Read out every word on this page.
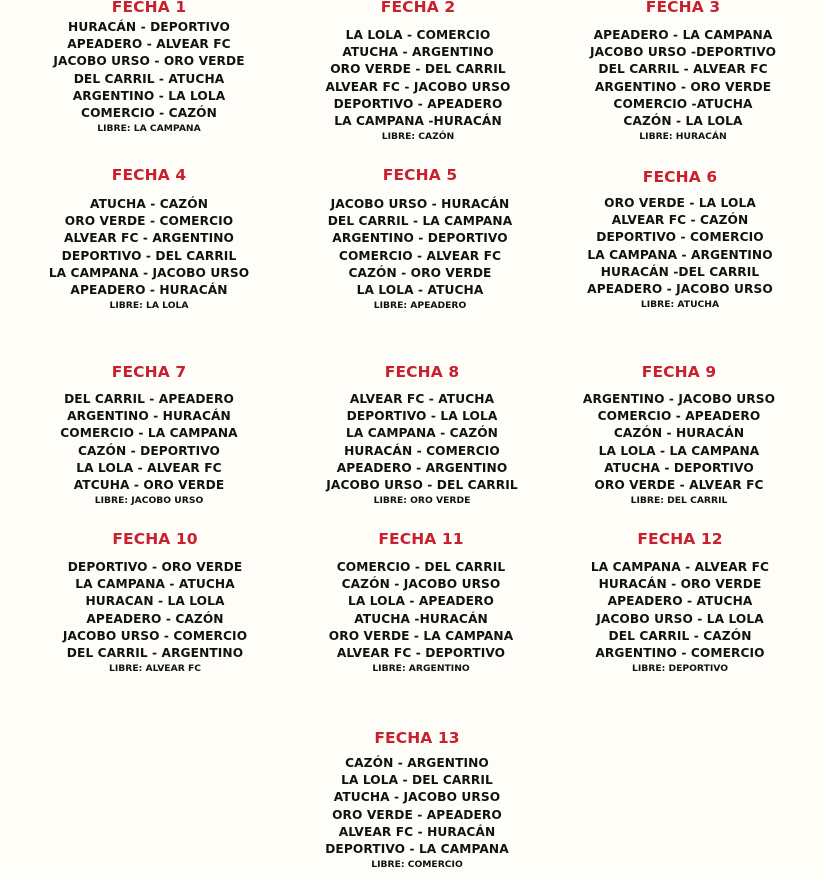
FECHA 1
HURACÁN - DEPORTIVO
APEADERO - ALVEAR FC
JACOBO URSO - ORO VERDE
DEL CARRIL - ATUCHA
ARGENTINO - LA LOLA
COMERCIO - CAZÓN
LIBRE: LA CAMPANA
FECHA 2
LA LOLA - COMERCIO
ATUCHA - ARGENTINO
ORO VERDE - DEL CARRIL
ALVEAR FC - JACOBO URSO
DEPORTIVO - APEADERO
LA CAMPANA -HURACÁN
LIBRE: CAZÓN
FECHA 3
APEADERO - LA CAMPANA
JACOBO URSO -DEPORTIVO
DEL CARRIL - ALVEAR FC
ARGENTINO - ORO VERDE
COMERCIO -ATUCHA
CAZÓN - LA LOLA
LIBRE: HURACÁN
FECHA 4
ATUCHA - CAZÓN
ORO VERDE - COMERCIO
ALVEAR FC - ARGENTINO
DEPORTIVO - DEL CARRIL
LA CAMPANA - JACOBO URSO
APEADERO - HURACÁN
LIBRE: LA LOLA
FECHA 5
JACOBO URSO - HURACÁN
DEL CARRIL - LA CAMPANA
ARGENTINO - DEPORTIVO
COMERCIO - ALVEAR FC
CAZÓN - ORO VERDE
LA LOLA - ATUCHA
LIBRE: APEADERO
FECHA 6
ORO VERDE - LA LOLA
ALVEAR FC - CAZÓN
DEPORTIVO - COMERCIO
LA CAMPANA - ARGENTINO
HURACÁN -DEL CARRIL
APEADERO - JACOBO URSO
LIBRE: ATUCHA
FECHA 7
DEL CARRIL - APEADERO
ARGENTINO - HURACÁN
COMERCIO - LA CAMPANA
CAZÓN - DEPORTIVO
LA LOLA - ALVEAR FC
ATCUHA - ORO VERDE
LIBRE: JACOBO URSO
FECHA 8
ALVEAR FC - ATUCHA
DEPORTIVO - LA LOLA
LA CAMPANA - CAZÓN
HURACÁN - COMERCIO
APEADERO - ARGENTINO
JACOBO URSO - DEL CARRIL
LIBRE: ORO VERDE
FECHA 9
ARGENTINO - JACOBO URSO
COMERCIO - APEADERO
CAZÓN - HURACÁN
LA LOLA - LA CAMPANA
ATUCHA - DEPORTIVO
ORO VERDE - ALVEAR FC
LIBRE: DEL CARRIL
FECHA 10
DEPORTIVO - ORO VERDE
LA CAMPANA - ATUCHA
HURACAN - LA LOLA
APEADERO - CAZÓN
JACOBO URSO - COMERCIO
DEL CARRIL - ARGENTINO
LIBRE: ALVEAR FC
FECHA 11
COMERCIO - DEL CARRIL
CAZÓN - JACOBO URSO
LA LOLA - APEADERO
ATUCHA -HURACÁN
ORO VERDE - LA CAMPANA
ALVEAR FC - DEPORTIVO
LIBRE: ARGENTINO
FECHA 12
LA CAMPANA - ALVEAR FC
HURACÁN - ORO VERDE
APEADERO - ATUCHA
JACOBO URSO - LA LOLA
DEL CARRIL - CAZÓN
ARGENTINO - COMERCIO
LIBRE: DEPORTIVO
FECHA 13
CAZÓN - ARGENTINO
LA LOLA - DEL CARRIL
ATUCHA - JACOBO URSO
ORO VERDE - APEADERO
ALVEAR FC - HURACÁN
DEPORTIVO - LA CAMPANA
LIBRE: COMERCIO
